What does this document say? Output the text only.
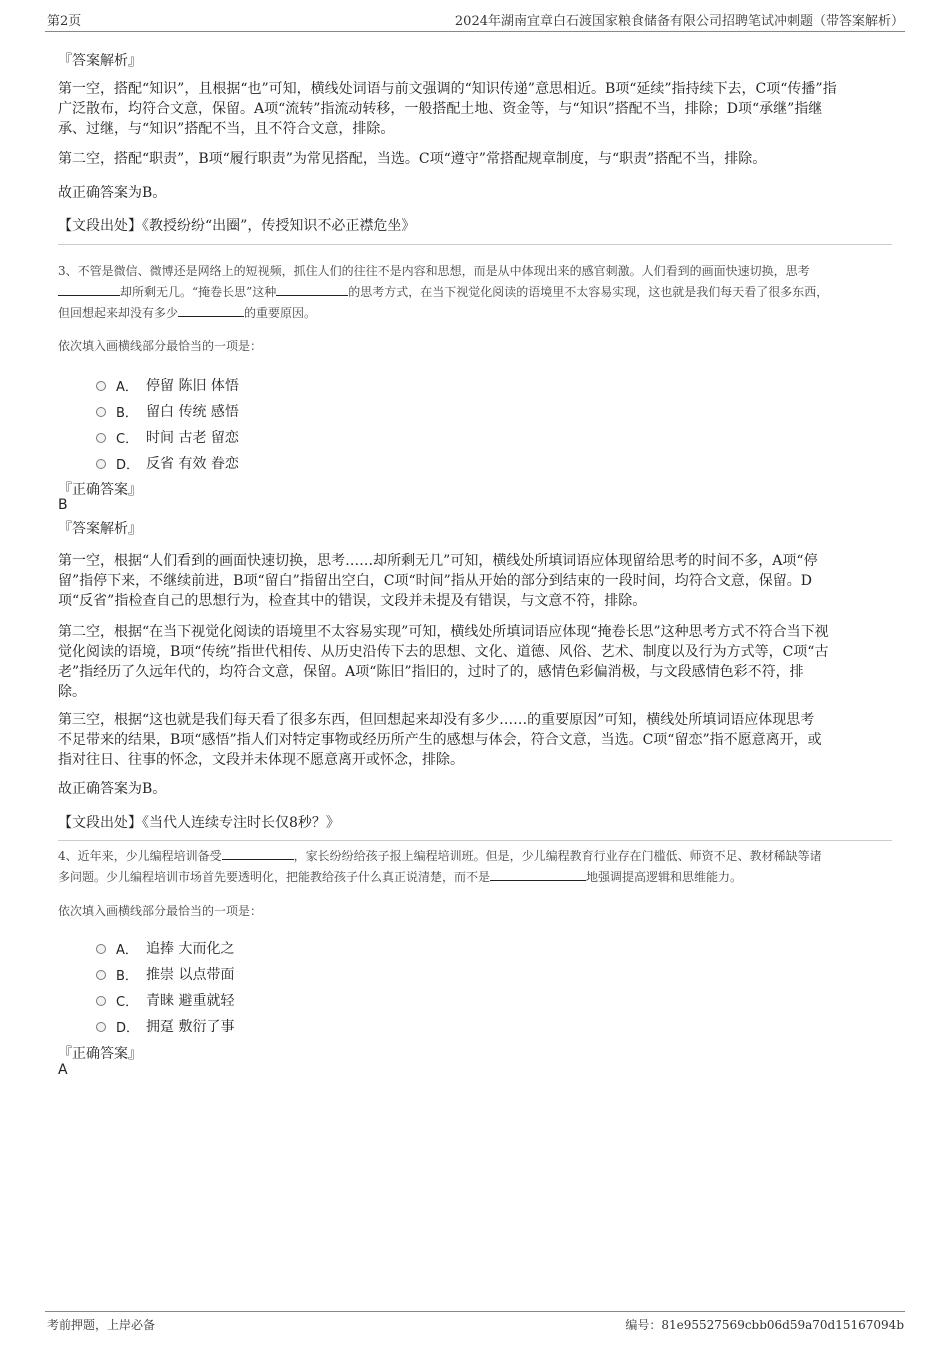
第2页	2024年湖南宜章白石渡国家粮食储备有限公司招聘笔试冲刺题（带答案解析）
『答案解析』
第一空，搭配“知识”，且根据“也”可知，横线处词语与前文强调的“知识传递”意思相近。B项“延续”指持续下去，C项“传播”指
广泛散布，均符合文意，保留。A项“流转”指流动转移，一般搭配土地、资金等，与“知识”搭配不当，排除；D项“承继”指继
承、过继，与“知识”搭配不当，且不符合文意，排除。
第二空，搭配“职责”，B项“履行职责”为常见搭配，当选。C项“遵守”常搭配规章制度，与“职责”搭配不当，排除。
故正确答案为B。
【文段出处】《教授纷纷“出圈”，传授知识不必正襟危坐》
3、不管是微信、微博还是网络上的短视频，抓住人们的往往不是内容和思想，而是从中体现出来的感官刺激。人们看到的画面快速切换，思考
却所剩无几。“掩卷长思”这种	的思考方式，在当下视觉化阅读的语境里不太容易实现，这也就是我们每天看了很多东西，
但回想起来却没有多少	的重要原因。
依次填入画横线部分最恰当的一项是：
A． 停留 陈旧 体悟
B． 留白 传统 感悟
C． 时间 古老 留恋
D． 反省 有效 眷恋
『正确答案』
B
『答案解析』
第一空，根据“人们看到的画面快速切换，思考……却所剩无几”可知，横线处所填词语应体现留给思考的时间不多，A项“停
留”指停下来，不继续前进，B项“留白”指留出空白，C项“时间”指从开始的部分到结束的一段时间，均符合文意，保留。D
项“反省”指检查自己的思想行为，检查其中的错误，文段并未提及有错误，与文意不符，排除。
第二空，根据“在当下视觉化阅读的语境里不太容易实现”可知，横线处所填词语应体现“掩卷长思”这种思考方式不符合当下视
觉化阅读的语境，B项“传统”指世代相传、从历史沿传下去的思想、文化、道德、风俗、艺术、制度以及行为方式等，C项“古
老”指经历了久远年代的，均符合文意，保留。A项“陈旧”指旧的，过时了的，感情色彩偏消极，与文段感情色彩不符，排
除。
第三空，根据“这也就是我们每天看了很多东西，但回想起来却没有多少……的重要原因”可知，横线处所填词语应体现思考
不足带来的结果，B项“感悟”指人们对特定事物或经历所产生的感想与体会，符合文意，当选。C项“留恋”指不愿意离开，或
指对往日、往事的怀念，文段并未体现不愿意离开或怀念，排除。
故正确答案为B。
【文段出处】《当代人连续专注时长仅8秒？》
4、近年来，少儿编程培训备受	，家长纷纷给孩子报上编程培训班。但是，少儿编程教育行业存在门槛低、师资不足、教材稀缺等诸
多问题。少儿编程培训市场首先要透明化，把能教给孩子什么真正说清楚，而不是	地强调提高逻辑和思维能力。
依次填入画横线部分最恰当的一项是：
A． 追捧 大而化之
B． 推崇 以点带面
C． 青睐 避重就轻
D． 拥趸 敷衍了事
『正确答案』
A
考前押题，上岸必备	编号：81e95527569cbb06d59a70d15167094b
